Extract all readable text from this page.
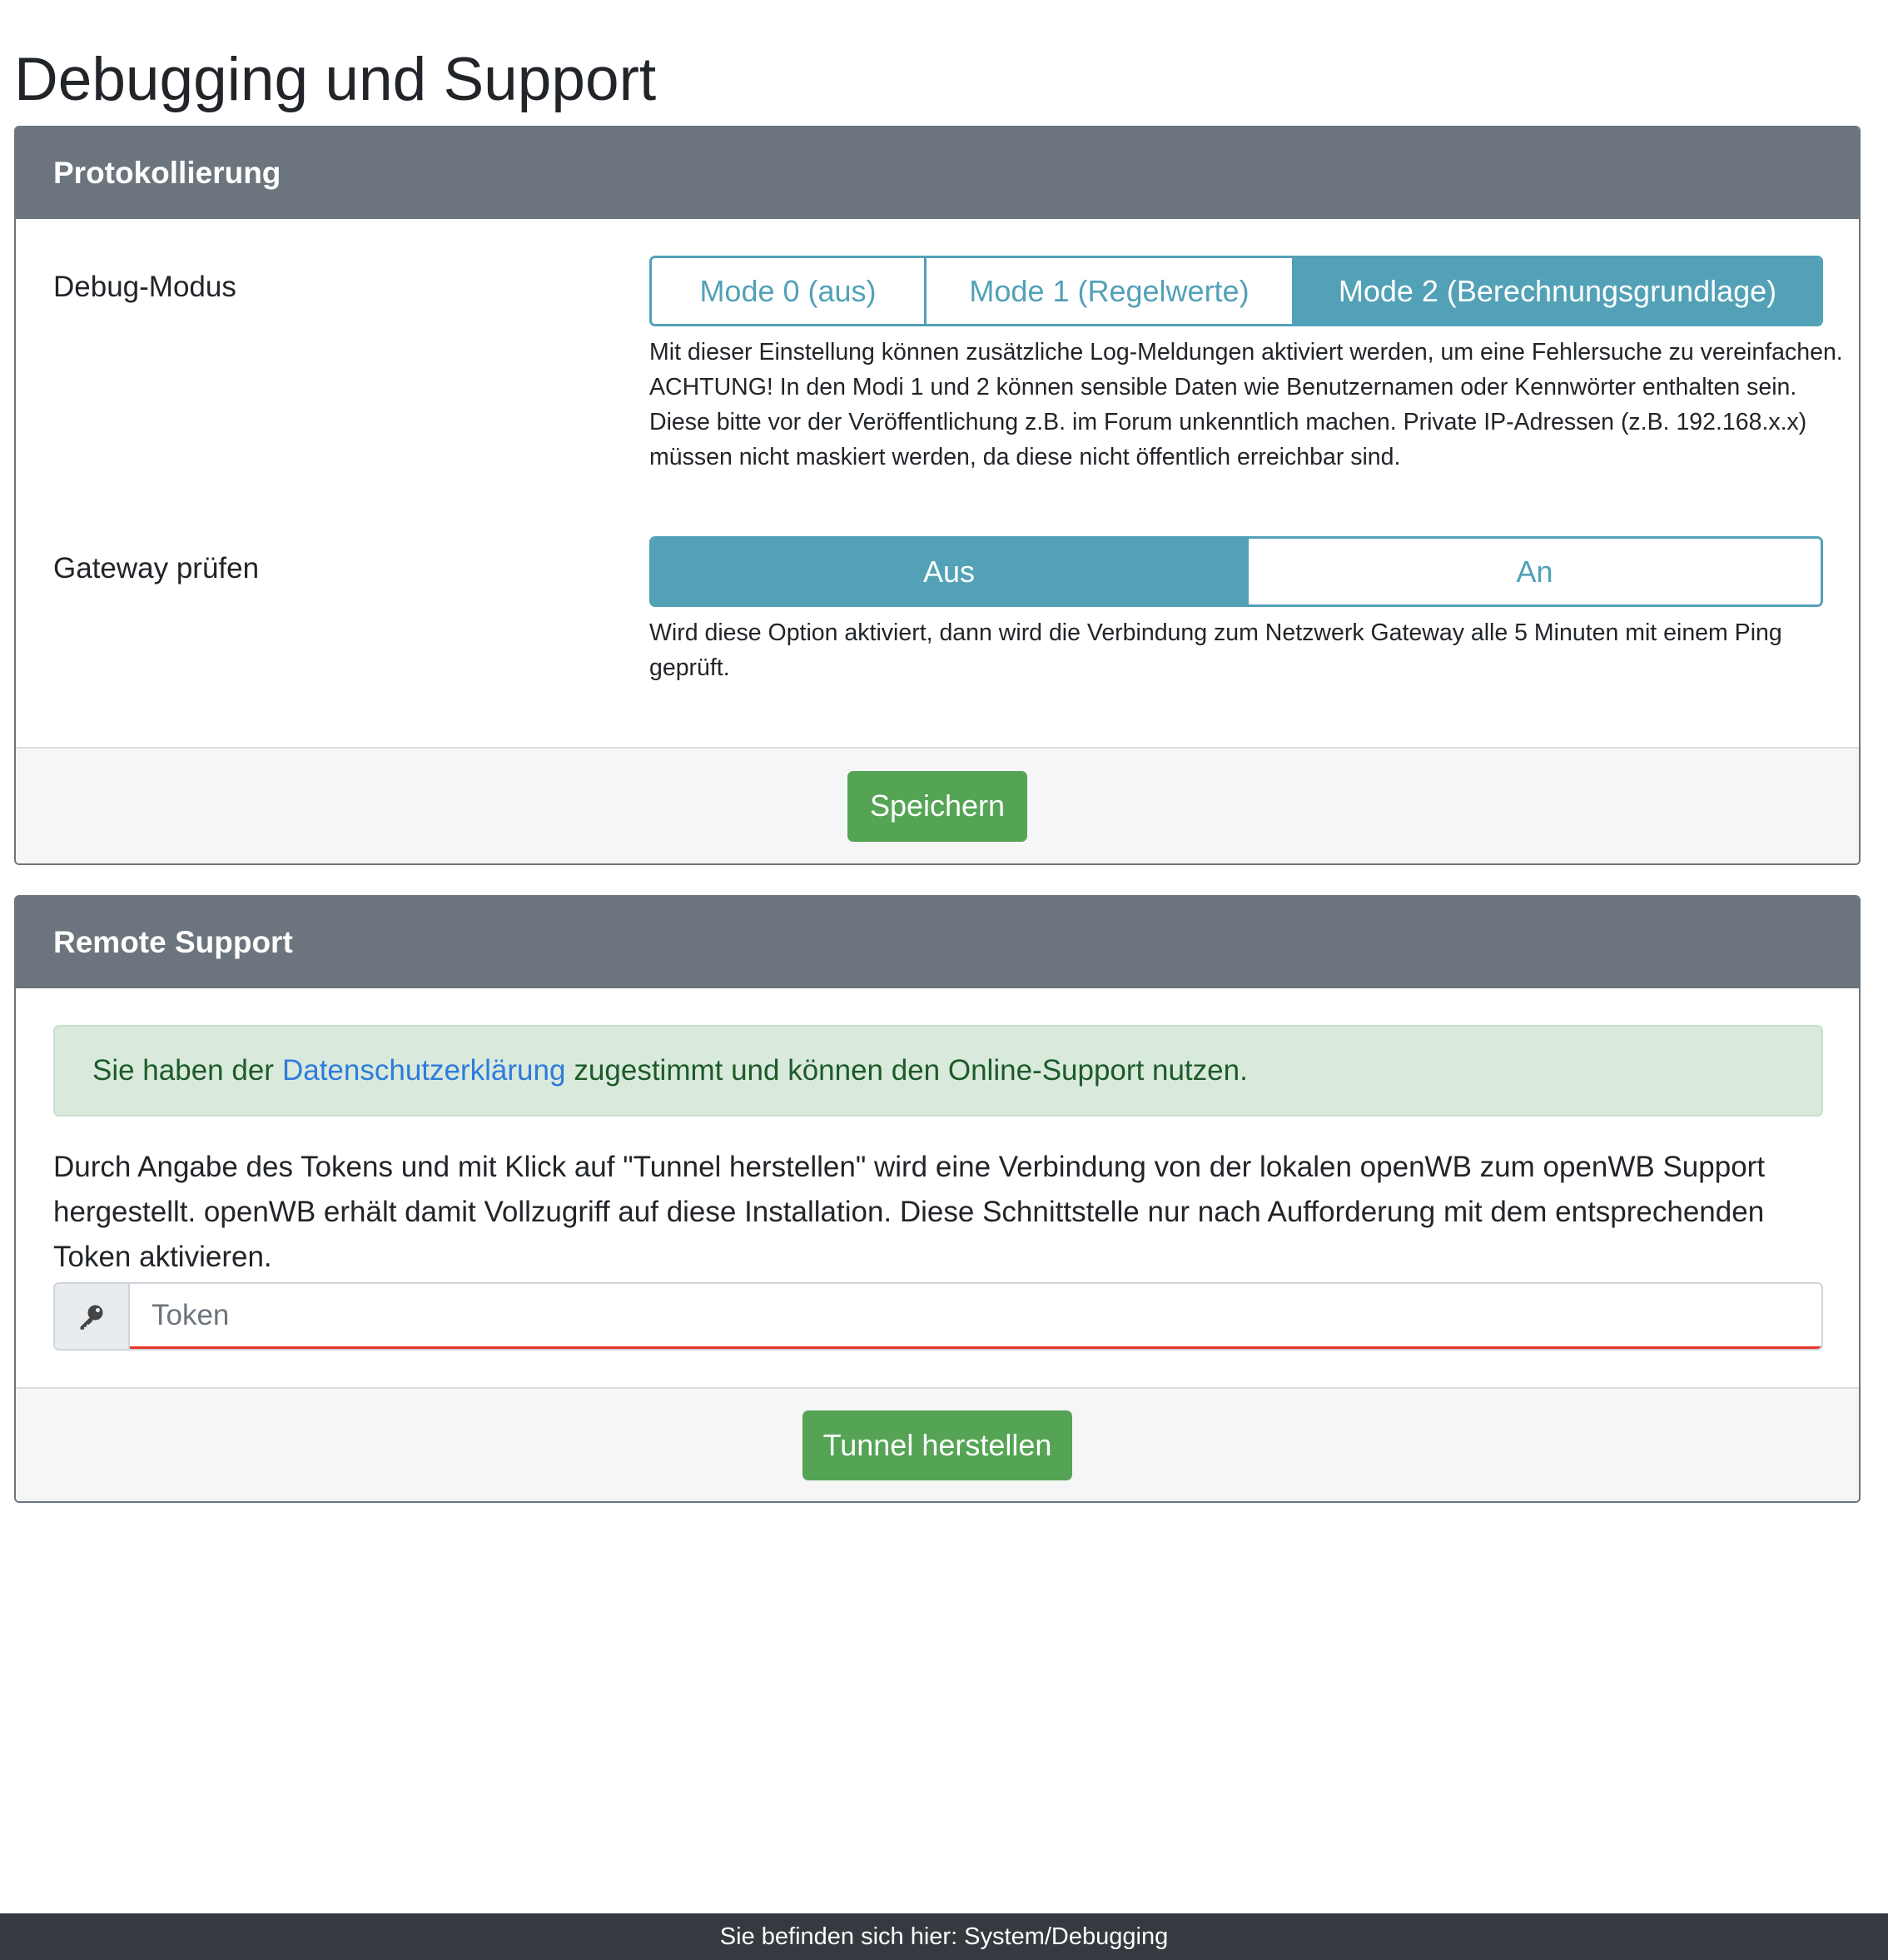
Debugging und Support
Protokollierung
Debug-Modus	Mode 0 (aus)	Mode 1 (Regelwerte)	Mode 2 (Berechnungsgrundlage)
Mit dieser Einstellung können zusätzliche Log-Meldungen aktiviert werden, um eine Fehlersuche zu vereinfachen.
ACHTUNG! In den Modi 1 und 2 können sensible Daten wie Benutzernamen oder Kennwörter enthalten sein. Diese bitte vor der Veröffentlichung z.B. im Forum unkenntlich machen. Private IP-Adressen (z.B. 192.168.x.x) müssen nicht maskiert werden, da diese nicht öffentlich erreichbar sind.
Gateway prüfen	Aus	An
Wird diese Option aktiviert, dann wird die Verbindung zum Netzwerk Gateway alle 5 Minuten mit einem Ping geprüft.
Speichern
Remote Support
Sie haben der Datenschutzerklärung zugestimmt und können den Online-Support nutzen.

Durch Angabe des Tokens und mit Klick auf "Tunnel herstellen" wird eine Verbindung von der lokalen openWB zum openWB Support hergestellt. openWB erhält damit Vollzugriff auf diese Installation. Diese Schnittstelle nur nach Aufforderung mit dem entsprechenden Token aktivieren.

Token
Tunnel herstellen
Sie befinden sich hier: System/Debugging
